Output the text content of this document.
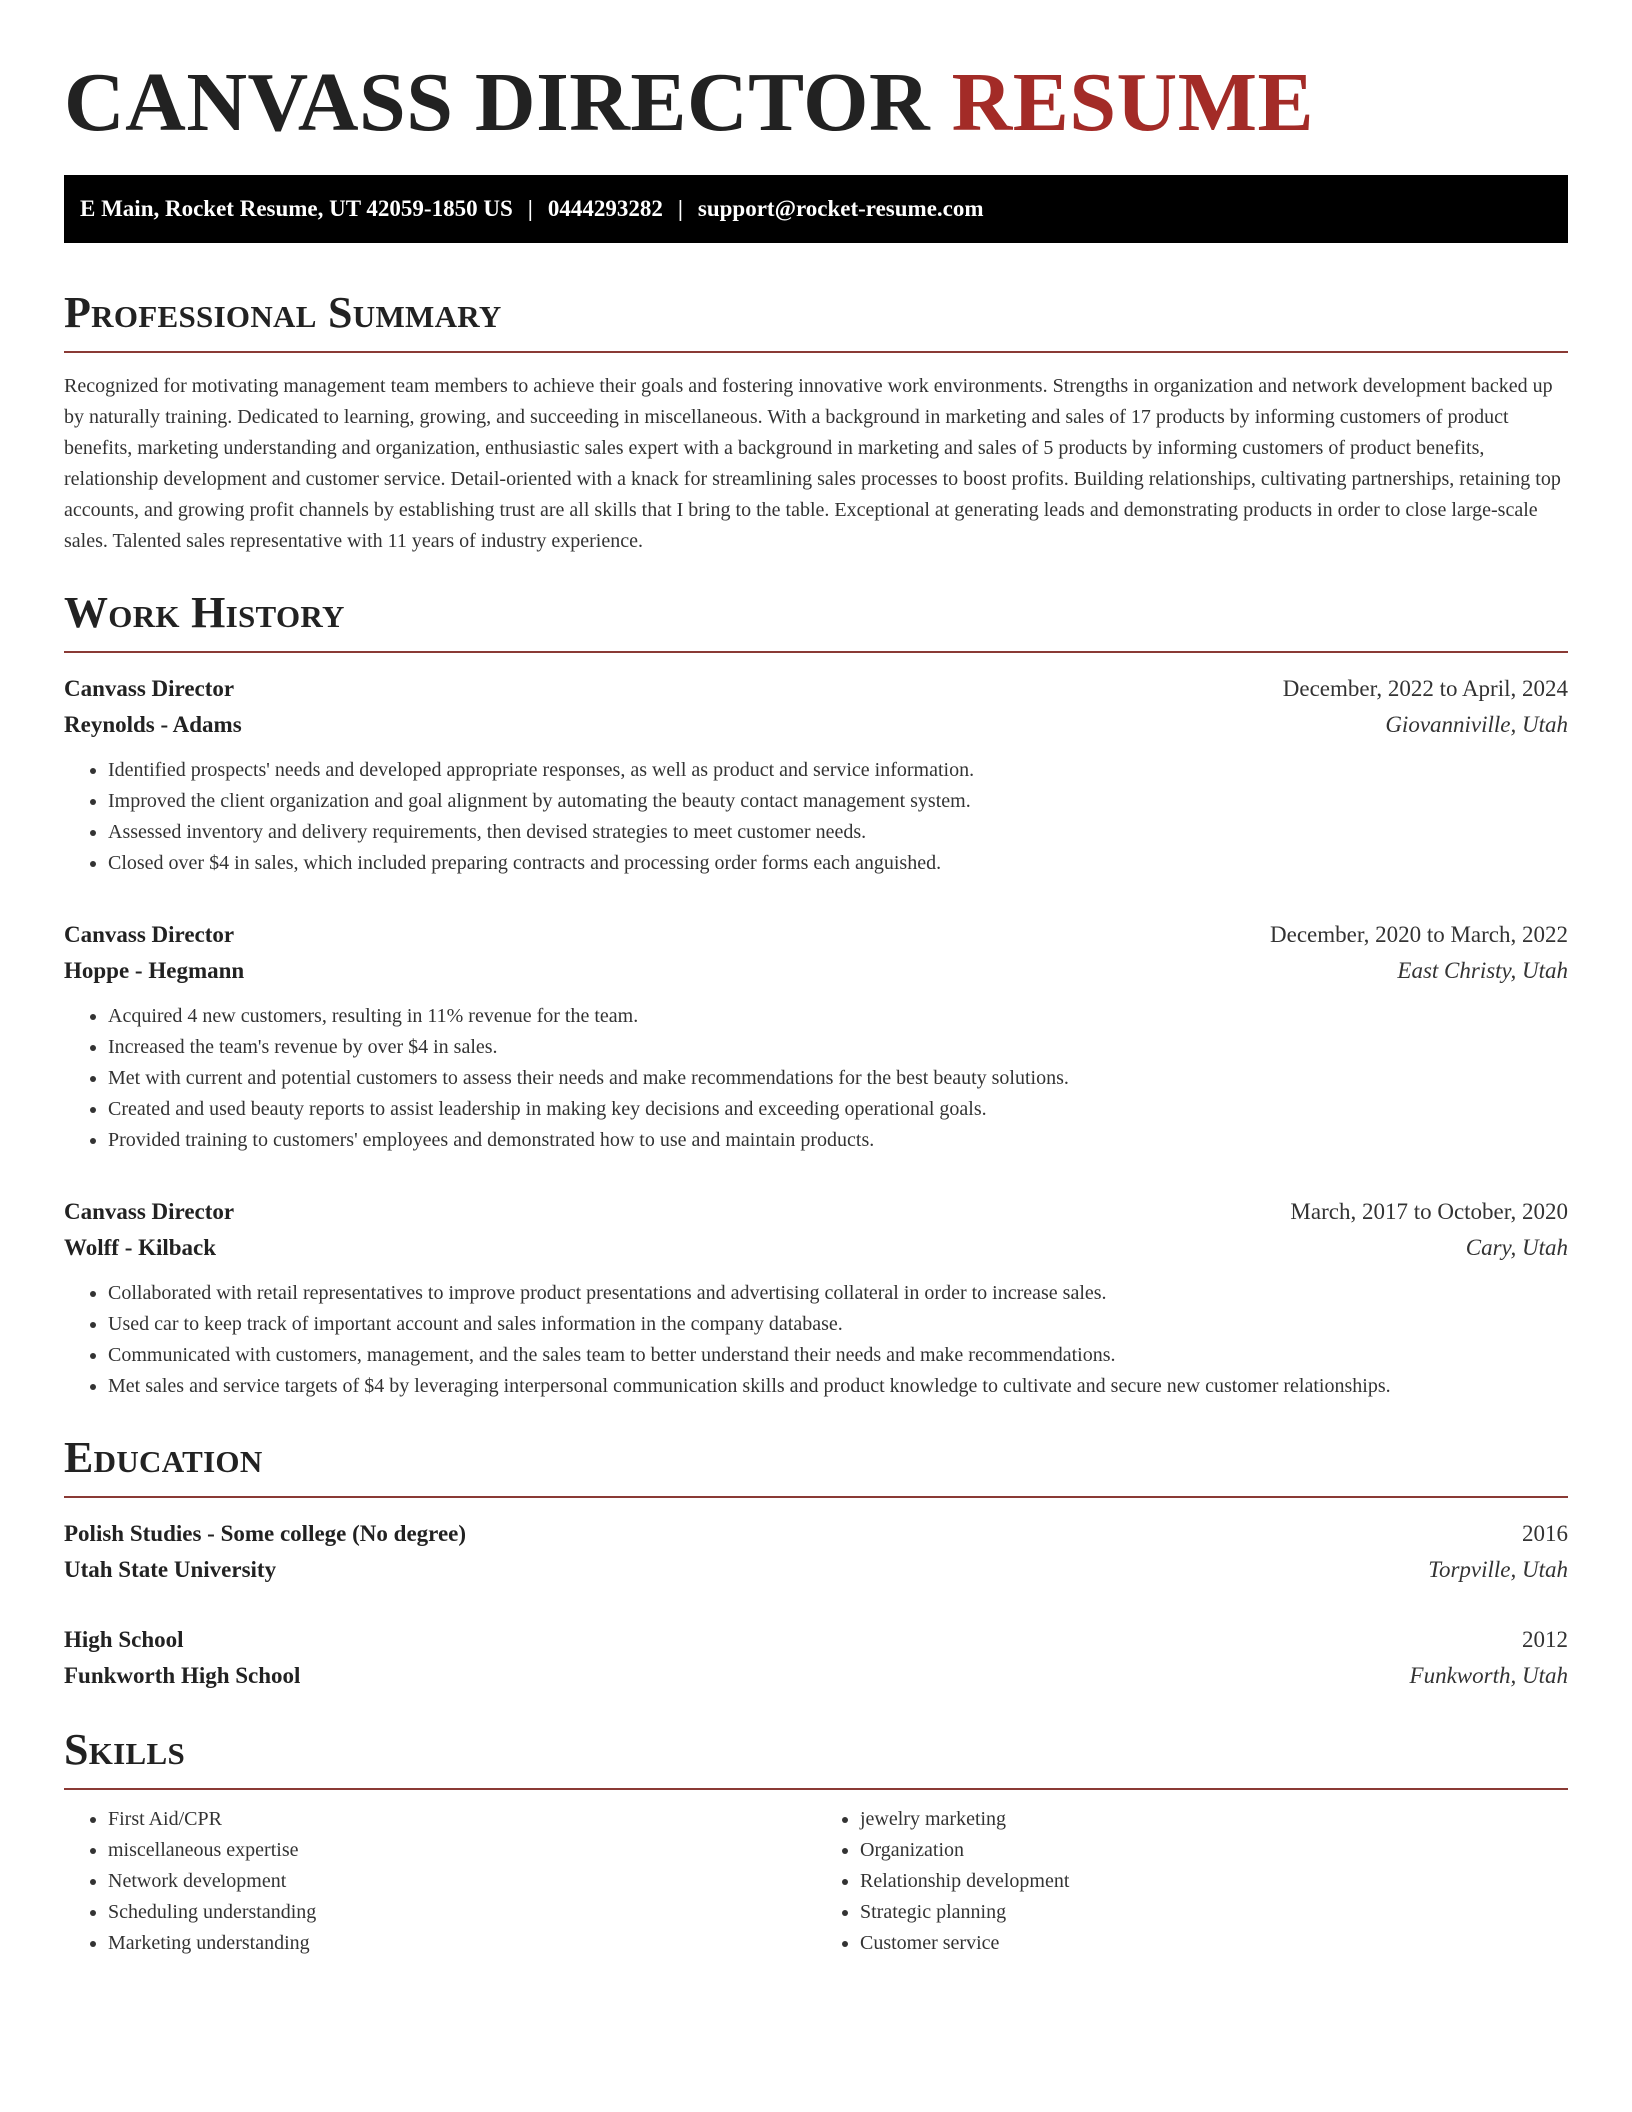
CANVASS DIRECTOR RESUME
E Main, Rocket Resume, UT 42059-1850 US | 0444293282 | support@rocket-resume.com
Professional Summary

Recognized for motivating management team members to achieve their goals and fostering innovative work environments. Strengths in organization and network development backed up by naturally training. Dedicated to learning, growing, and succeeding in miscellaneous. With a background in marketing and sales of 17 products by informing customers of product benefits, marketing understanding and organization, enthusiastic sales expert with a background in marketing and sales of 5 products by informing customers of product benefits, relationship development and customer service. Detail-oriented with a knack for streamlining sales processes to boost profits. Building relationships, cultivating partnerships, retaining top accounts, and growing profit channels by establishing trust are all skills that I bring to the table. Exceptional at generating leads and demonstrating products in order to close large-scale sales. Talented sales representative with 11 years of industry experience.

Work History
Canvass Director	December, 2022 to April, 2024
Reynolds - Adams	Giovanniville, Utah
• Identified prospects' needs and developed appropriate responses, as well as product and service information.
• Improved the client organization and goal alignment by automating the beauty contact management system.
• Assessed inventory and delivery requirements, then devised strategies to meet customer needs.
• Closed over $4 in sales, which included preparing contracts and processing order forms each anguished.
Canvass Director	December, 2020 to March, 2022
Hoppe - Hegmann	East Christy, Utah
• Acquired 4 new customers, resulting in 11% revenue for the team.
• Increased the team's revenue by over $4 in sales.
• Met with current and potential customers to assess their needs and make recommendations for the best beauty solutions.
• Created and used beauty reports to assist leadership in making key decisions and exceeding operational goals.
• Provided training to customers' employees and demonstrated how to use and maintain products.
Canvass Director	March, 2017 to October, 2020
Wolff - Kilback	Cary, Utah
• Collaborated with retail representatives to improve product presentations and advertising collateral in order to increase sales.
• Used car to keep track of important account and sales information in the company database.
• Communicated with customers, management, and the sales team to better understand their needs and make recommendations.
• Met sales and service targets of $4 by leveraging interpersonal communication skills and product knowledge to cultivate and secure new customer relationships.
Education
Polish Studies - Some college (No degree)	2016
Utah State University	Torpville, Utah
High School	2012
Funkworth High School	Funkworth, Utah
Skills
• First Aid/CPR
• miscellaneous expertise
• Network development
• Scheduling understanding
• Marketing understanding
• jewelry marketing
• Organization
• Relationship development
• Strategic planning
• Customer service
